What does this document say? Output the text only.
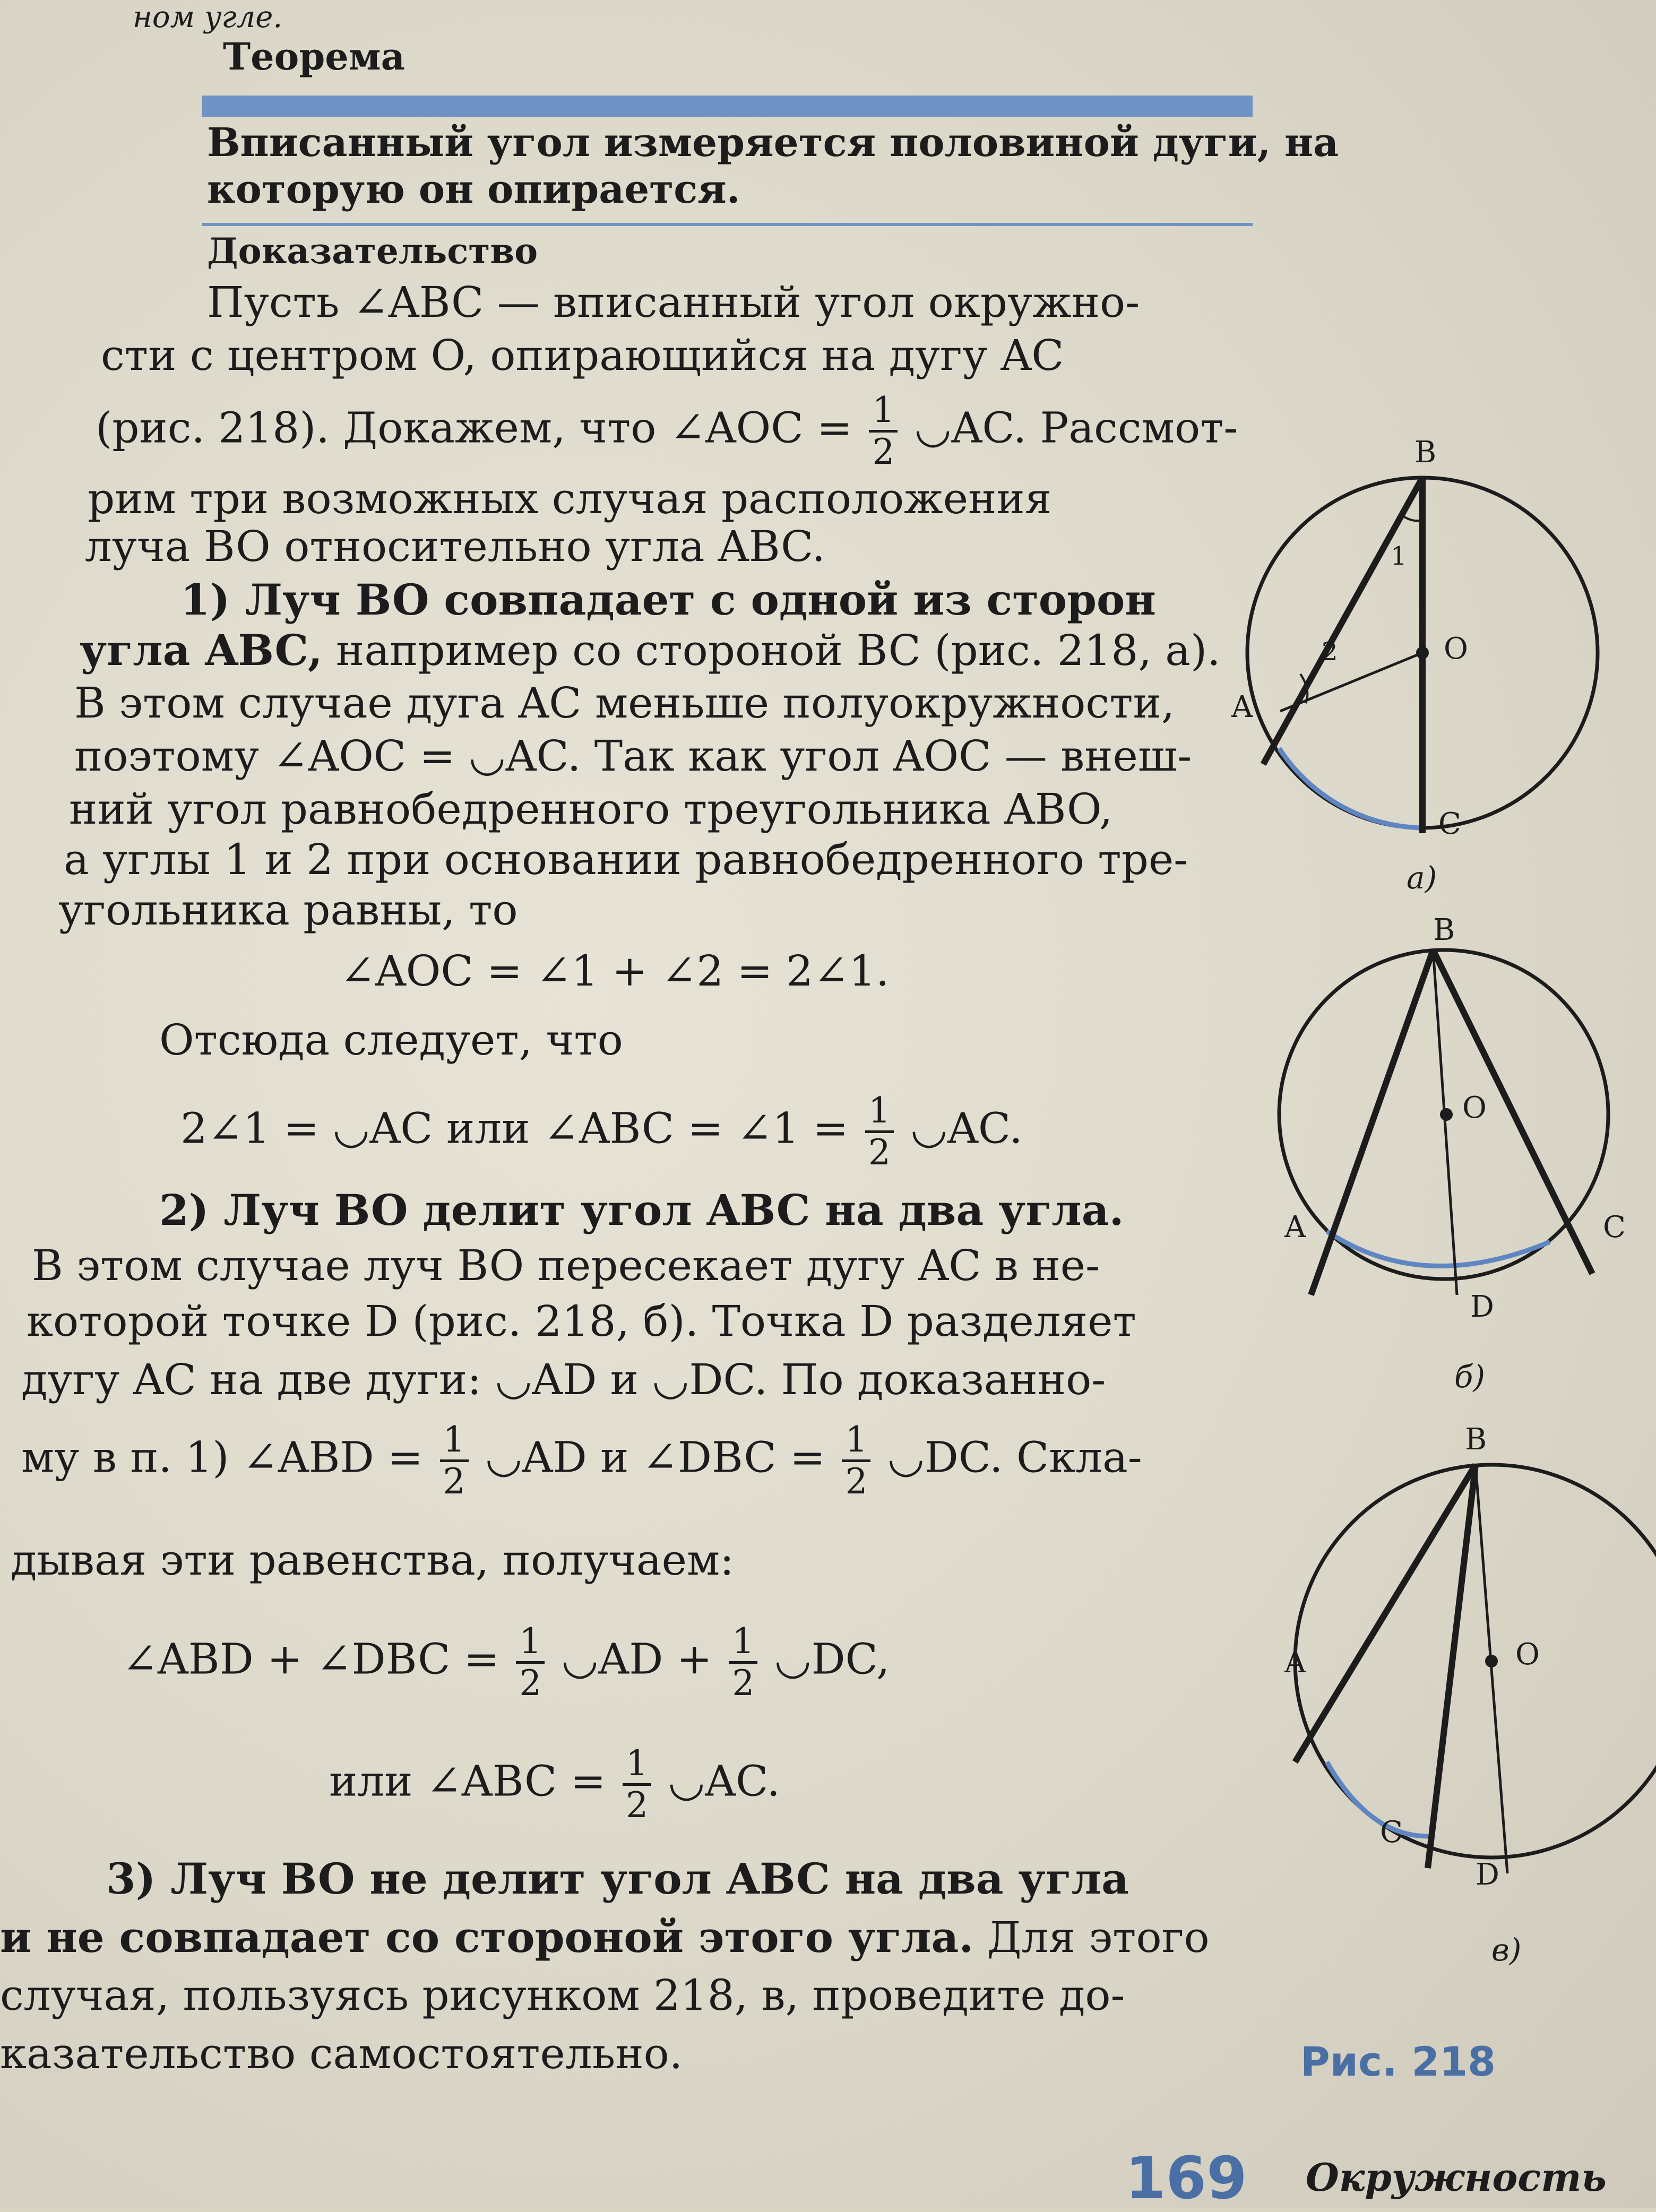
ном угле.
Теорема
Вписанный угол измеряется половиной дуги, на
которую он опирается.
Доказательство
Пусть ∠ABC — вписанный угол окружно-
сти с центром O, опирающийся на дугу AC
(рис. 218). Докажем, что ∠AOC = $\frac{1}{2}$ ◡AC. Рассмот-
рим три возможных случая расположения
луча BO относительно угла ABC.
1) Луч BO совпадает с одной из сторон
угла ABC, например со стороной BC (рис. 218, а).
В этом случае дуга AC меньше полуокружности,
поэтому ∠AOC = ◡AC. Так как угол AOC — внеш-
ний угол равнобедренного треугольника ABO,
а углы 1 и 2 при основании равнобедренного тре-
угольника равны, то
∠AOC = ∠1 + ∠2 = 2∠1.
Отсюда следует, что
2∠1 = ◡AC или ∠ABC = ∠1 = $\frac{1}{2}$ ◡AC.
2) Луч BO делит угол ABC на два угла.
В этом случае луч BO пересекает дугу AC в не-
которой точке D (рис. 218, б). Точка D разделяет
дугу AC на две дуги: ◡AD и ◡DC. По доказанно-
му в п. 1) ∠ABD = $\frac{1}{2}$ ◡AD и ∠DBC = $\frac{1}{2}$ ◡DC. Скла-
дывая эти равенства, получаем:
∠ABD + ∠DBC = $\frac{1}{2}$ ◡AD + $\frac{1}{2}$ ◡DC,
или ∠ABC = $\frac{1}{2}$ ◡AC.
3) Луч BO не делит угол ABC на два угла
и не совпадает со стороной этого угла. Для этого
случая, пользуясь рисунком 218, в, проведите до-
казательство самостоятельно.
B
O
A
C
1
2
а)
B
O
A	C
D
б)
B
O
A
C
D
в)
Рис. 218
169 Окружность
